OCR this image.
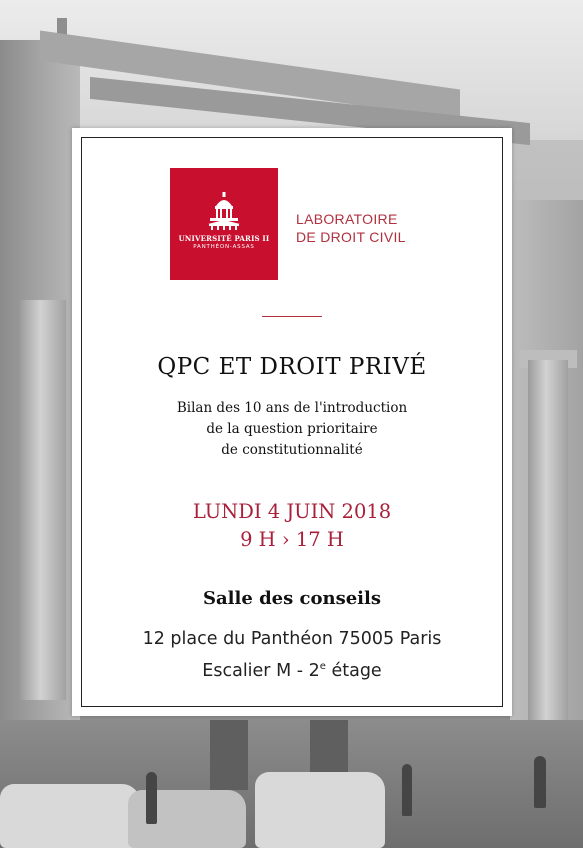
UNIVERSITÉ PARIS II
PANTHÉON-ASSAS
LABORATOIRE
DE DROIT CIVIL
QPC ET DROIT PRIVÉ
Bilan des 10 ans de l'introduction
de la question prioritaire
de constitutionnalité
LUNDI 4 JUIN 2018
9 H › 17 H
Salle des conseils
12 place du Panthéon 75005 Paris
Escalier M - 2e étage
